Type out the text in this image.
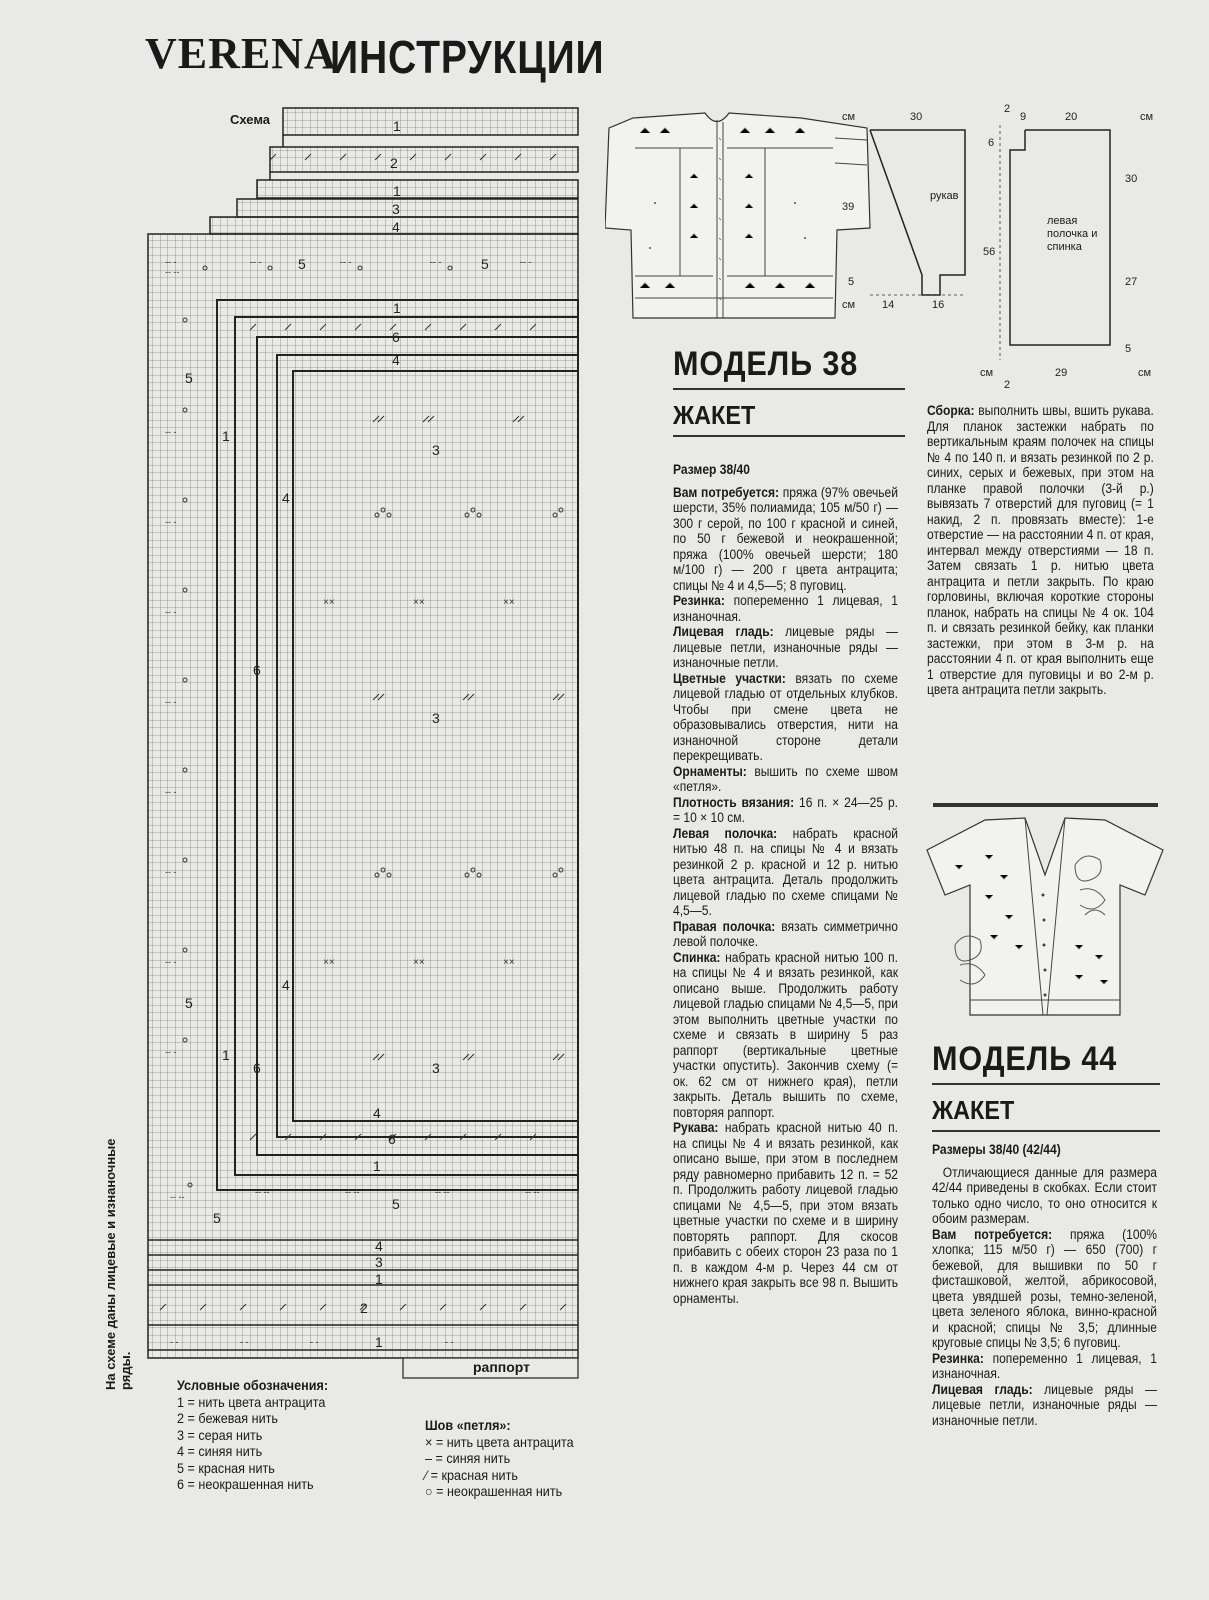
VERENA
ИНСТРУКЦИИ
××	××	××
××	××	××
-- -
-- --
-- -	-- -	-- -	-- -
-- -
-- -
-- -
-- -
-- -
-- -
-- -
-- -
-- --	-- --	-- --	-- --	-- --
- -	- -	- -	- -
1
2
1
3
4
5	5
1
6
4
5
1
4
3
6
3
4
5
1
6	3
4
6
1
5
5
4
3
1
2
1
Схема
раппорт
На схеме даны лицевые и изнаночные ряды.	Условные обозначения:
1 = нить цвета антрацита
2 = бежевая нить
3 = серая нить
4 = синяя нить
5 = красная нить
6 = неокрашенная нить
Шов «петля»:
× = нить цвета антрацита
– = синяя нить
⁄ = красная нить
○ = неокрашенная нить
см	30
39
5
см 14	16
2
9	20	см
6
30
56
27
5
см	29	см
2
рукав
левая полочка и спинка
МОДЕЛЬ 38
ЖАКЕТ

Размер 38/40

Вам потребуется: пряжа (97% овечьей шерсти, 35% полиамида; 105 м/50 г) — 300 г серой, по 100 г красной и синей, по 50 г бежевой и неокрашенной; пряжа (100% овечьей шерсти; 180 м/100 г) — 200 г цвета антрацита; спицы № 4 и 4,5—5; 8 пуговиц.

Резинка: попеременно 1 лицевая, 1 изнаночная.

Лицевая гладь: лицевые ряды — лицевые петли, изнаночные ряды — изнаночные петли.

Цветные участки: вязать по схеме лицевой гладью от отдельных клубков. Чтобы при смене цвета не образовывались отверстия, нити на изнаночной стороне детали перекрещивать.

Орнаменты: вышить по схеме швом «петля».

Плотность вязания: 16 п. × 24—25 р. = 10 × 10 см.

Левая полочка: набрать красной нитью 48 п. на спицы № 4 и вязать резинкой 2 р. красной и 12 р. нитью цвета антрацита. Деталь продолжить лицевой гладью по схеме спицами № 4,5—5.

Правая полочка: вязать симметрично левой полочке.

Спинка: набрать красной нитью 100 п. на спицы № 4 и вязать резинкой, как описано выше. Продолжить работу лицевой гладью спицами № 4,5—5, при этом выполнить цветные участки по схеме и связать в ширину 5 раз раппорт (вертикальные цветные участки опустить). Закончив схему (= ок. 62 см от нижнего края), петли закрыть. Деталь вышить по схеме, повторяя раппорт.

Рукава: набрать красной нитью 40 п. на спицы № 4 и вязать резинкой, как описано выше, при этом в последнем ряду равномерно прибавить 12 п. = 52 п. Продолжить работу лицевой гладью спицами № 4,5—5, при этом вязать цветные участки по схеме и в ширину повторять раппорт. Для скосов прибавить с обеих сторон 23 раза по 1 п. в каждом 4-м р. Через 44 см от нижнего края закрыть все 98 п. Вышить орнаменты.

Сборка: выполнить швы, вшить рукава. Для планок застежки набрать по вертикальным краям полочек на спицы № 4 по 140 п. и вязать резинкой по 2 р. синих, серых и бежевых, при этом на планке правой полочки (3-й р.) вывязать 7 отверстий для пуговиц (= 1 накид, 2 п. провязать вместе): 1-е отверстие — на расстоянии 4 п. от края, интервал между отверстиями — 18 п. Затем связать 1 р. нитью цвета антрацита и петли закрыть. По краю горловины, включая короткие стороны планок, набрать на спицы № 4 ок. 104 п. и связать резинкой бейку, как планки застежки, при этом в 3-м р. на расстоянии 4 п. от края выполнить еще 1 отверстие для пуговицы и во 2-м р. цвета антрацита петли закрыть.

МОДЕЛЬ 44
ЖАКЕТ

Размеры 38/40 (42/44)

Отличающиеся данные для размера 42/44 приведены в скобках. Если стоит только одно число, то оно относится к обоим размерам.

Вам потребуется: пряжа (100% хлопка; 115 м/50 г) — 650 (700) г бежевой, для вышивки по 50 г фисташковой, желтой, абрикосовой, цвета увядшей розы, темно-зеленой, цвета зеленого яблока, винно-красной и красной; спицы № 3,5; длинные круговые спицы № 3,5; 6 пуговиц.

Резинка: попеременно 1 лицевая, 1 изнаночная.

Лицевая гладь: лицевые ряды — лицевые петли, изнаночные ряды — изнаночные петли.
